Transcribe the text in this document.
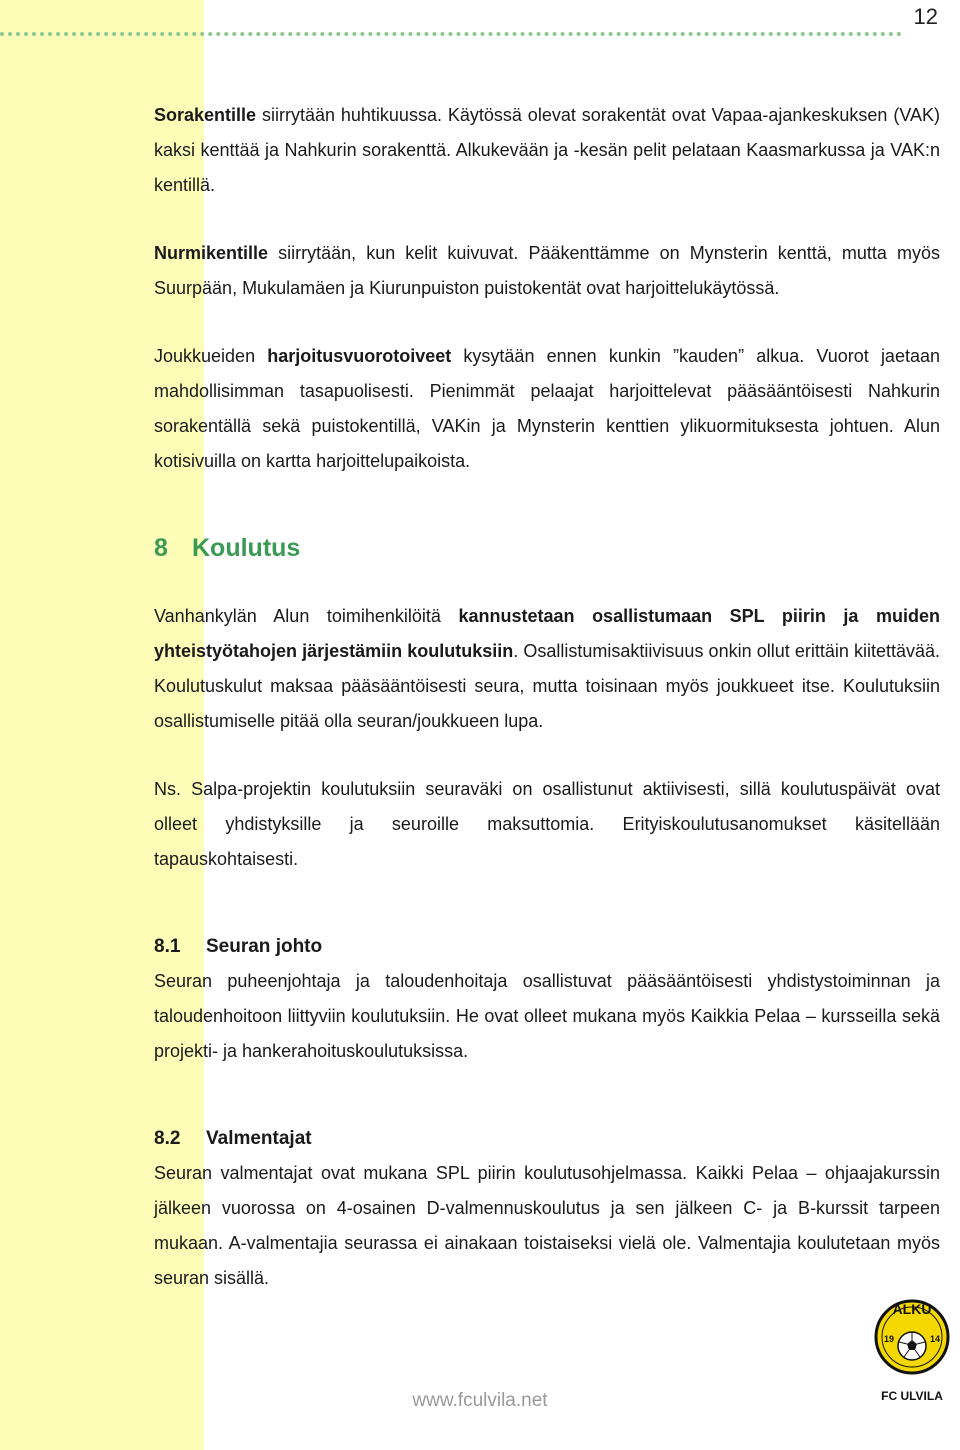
12

Sorakentille siirrytään huhtikuussa. Käytössä olevat sorakentät ovat Vapaa-ajankeskuksen (VAK) kaksi kenttää ja Nahkurin sorakenttä. Alkukevään ja -kesän pelit pelataan Kaasmarkussa ja VAK:n kentillä.

Nurmikentille siirrytään, kun kelit kuivuvat. Pääkenttämme on Mynsterin kenttä, mutta myös Suurpään, Mukulamäen ja Kiurunpuiston puistokentät ovat harjoittelukäytössä.

Joukkueiden harjoitusvuorotoiveet kysytään ennen kunkin ”kauden” alkua. Vuorot jaetaan mahdollisimman tasapuolisesti. Pienimmät pelaajat harjoittelevat pääsääntöisesti Nahkurin sorakentällä sekä puistokentillä, VAKin ja Mynsterin kenttien ylikuormituksesta johtuen. Alun kotisivuilla on kartta harjoittelupaikoista.

8 Koulutus

Vanhankylän Alun toimihenkilöitä kannustetaan osallistumaan SPL piirin ja muiden yhteistyötahojen järjestämiin koulutuksiin. Osallistumisaktiivisuus onkin ollut erittäin kiitettävää. Koulutuskulut maksaa pääsääntöisesti seura, mutta toisinaan myös joukkueet itse. Koulutuksiin osallistumiselle pitää olla seuran/joukkueen lupa.

Ns. Salpa-projektin koulutuksiin seuraväki on osallistunut aktiivisesti, sillä koulutuspäivät ovat olleet yhdistyksille ja seuroille maksuttomia. Erityiskoulutusanomukset käsitellään tapauskohtaisesti.

8.1 Seuran johto

Seuran puheenjohtaja ja taloudenhoitaja osallistuvat pääsääntöisesti yhdistystoiminnan ja taloudenhoitoon liittyviin koulutuksiin. He ovat olleet mukana myös Kaikkia Pelaa – kursseilla sekä projekti- ja hankerahoituskoulutuksissa.

8.2 Valmentajat

Seuran valmentajat ovat mukana SPL piirin koulutusohjelmassa. Kaikki Pelaa – ohjaajakurssin jälkeen vuorossa on 4-osainen D-valmennuskoulutus ja sen jälkeen C- ja B-kurssit tarpeen mukaan. A-valmentajia seurassa ei ainakaan toistaiseksi vielä ole. Valmentajia koulutetaan myös seuran sisällä.

ALKU
19	14
FC ULVILA
www.fculvila.net
